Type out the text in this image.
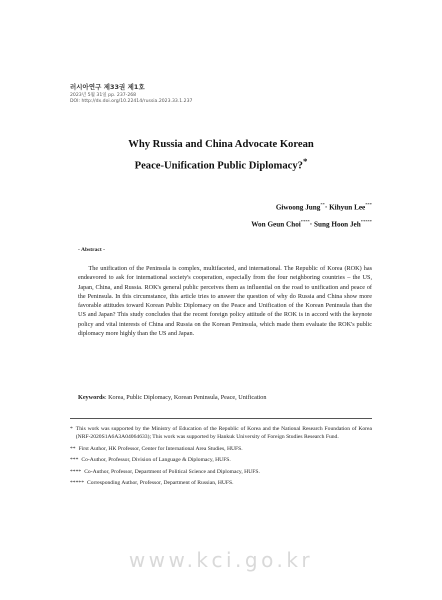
러시아연구 제33권 제1호
2023년 5월 31일 pp. 237-268
DOI: http://dx.doi.org/10.22414/russia.2023.33.1.237
Why Russia and China Advocate Korean
Peace-Unification Public Diplomacy?*
Giwoong Jung**· Kihyun Lee***
Won Geun Choi****· Sung Hoon Jeh*****
- Abstract -
The unification of the Peninsula is complex, multifaceted, and international. The Republic of Korea (ROK) has endeavored to ask for international society's cooperation, especially from the four neighboring countries – the US, Japan, China, and Russia. ROK's general public perceives them as influential on the road to unification and peace of the Peninsula. In this circumstance, this article tries to answer the question of why do Russia and China show more favorable attitudes toward Korean Public Diplomacy on the Peace and Unification of the Korean Peninsula than the US and Japan? This study concludes that the recent foreign policy attitude of the ROK is in accord with the keynote policy and vital interests of China and Russia on the Korean Peninsula, which made them evaluate the ROK's public diplomacy more highly than the US and Japan.
Keywords: Korea, Public Diplomacy, Korean Peninsula, Peace, Unification
* This work was supported by the Ministry of Education of the Republic of Korea and the National Research Foundation of Korea (NRF-2020S1A6A3A04064633); This work was supported by Hankuk University of Foreign Studies Research Fund.
** First Author, HK Professor, Center for International Area Studies, HUFS.
*** Co-Author, Professor, Division of Language & Diplomacy, HUFS.
**** Co-Author, Professor, Department of Political Science and Diplomacy, HUFS.
***** Corresponding Author, Professor, Department of Russian, HUFS.
www.kci.go.kr
